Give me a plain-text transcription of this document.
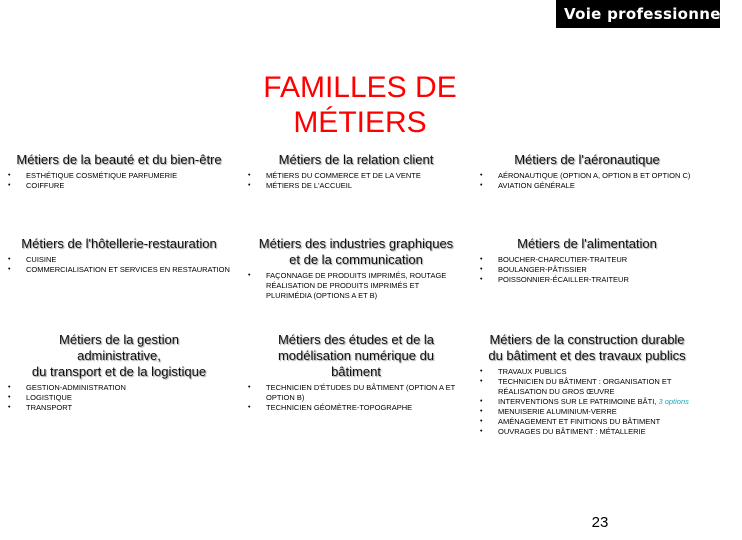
Voie professionnelle
FAMILLES DE
MÉTIERS
Métiers de la beauté et du bien-être
• ESTHÉTIQUE COSMÉTIQUE PARFUMERIE
• COIFFURE
Métiers de la relation client
• MÉTIERS DU COMMERCE ET DE LA VENTE
• MÉTIERS DE L'ACCUEIL
Métiers de l'aéronautique
• AÉRONAUTIQUE (OPTION A, OPTION B ET OPTION C)
• AVIATION GÉNÉRALE
Métiers de l'hôtellerie-restauration
• CUISINE
• COMMERCIALISATION ET SERVICES EN RESTAURATION
Métiers des industries graphiques
et de la communication
• FAÇONNAGE DE PRODUITS IMPRIMÉS, ROUTAGE RÉALISATION DE PRODUITS IMPRIMÉS ET PLURIMÉDIA (OPTIONS A ET B)
Métiers de l'alimentation
• BOUCHER-CHARCUTIER-TRAITEUR
• BOULANGER-PÂTISSIER
• POISSONNIER-ÉCAILLER-TRAITEUR
Métiers de la gestion
administrative,
du transport et de la logistique
• GESTION-ADMINISTRATION
• LOGISTIQUE
• TRANSPORT
Métiers des études et de la
modélisation numérique du
bâtiment
• TECHNICIEN D'ÉTUDES DU BÂTIMENT (OPTION A ET OPTION B)
• TECHNICIEN GÉOMÈTRE-TOPOGRAPHE
Métiers de la construction durable
du bâtiment et des travaux publics
• TRAVAUX PUBLICS
• TECHNICIEN DU BÂTIMENT : ORGANISATION ET RÉALISATION DU GROS ŒUVRE
• INTERVENTIONS SUR LE PATRIMOINE BÂTI, 3 options
• MENUISERIE ALUMINIUM-VERRE
• AMÉNAGEMENT ET FINITIONS DU BÂTIMENT
• OUVRAGES DU BÂTIMENT : MÉTALLERIE
23
